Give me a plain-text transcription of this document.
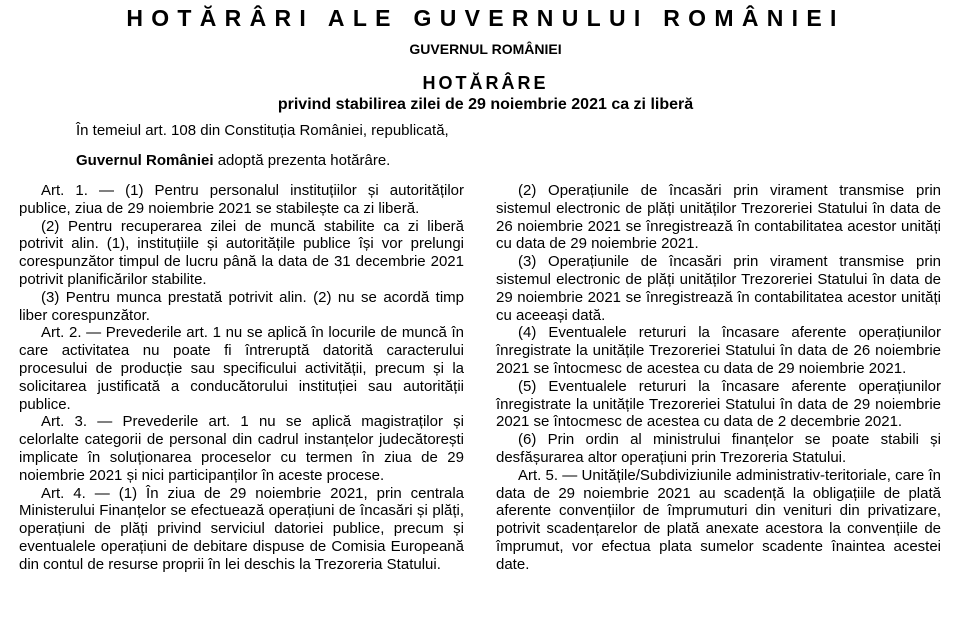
HOTĂRÂRI ALE GUVERNULUI ROMÂNIEI
GUVERNUL ROMÂNIEI
HOTĂRÂRE
privind stabilirea zilei de 29 noiembrie 2021 ca zi liberă
În temeiul art. 108 din Constituția României, republicată,
Guvernul României adoptă prezenta hotărâre.

Art. 1. — (1) Pentru personalul instituțiilor și autorităților publice, ziua de 29 noiembrie 2021 se stabilește ca zi liberă.

(2) Pentru recuperarea zilei de muncă stabilite ca zi liberă potrivit alin. (1), instituțiile și autoritățile publice își vor prelungi corespunzător timpul de lucru până la data de 31 decembrie 2021 potrivit planificărilor stabilite.

(3) Pentru munca prestată potrivit alin. (2) nu se acordă timp liber corespunzător.

Art. 2. — Prevederile art. 1 nu se aplică în locurile de muncă în care activitatea nu poate fi întreruptă datorită caracterului procesului de producție sau specificului activității, precum și la solicitarea justificată a conducătorului instituției sau autorității publice.

Art. 3. — Prevederile art. 1 nu se aplică magistraților și celorlalte categorii de personal din cadrul instanțelor judecătorești implicate în soluționarea proceselor cu termen în ziua de 29 noiembrie 2021 și nici participanților în aceste procese.

Art. 4. — (1) În ziua de 29 noiembrie 2021, prin centrala Ministerului Finanțelor se efectuează operațiuni de încasări și plăți, operațiuni de plăți privind serviciul datoriei publice, precum și eventualele operațiuni de debitare dispuse de Comisia Europeană din contul de resurse proprii în lei deschis la Trezoreria Statului.

(2) Operațiunile de încasări prin virament transmise prin sistemul electronic de plăți unităților Trezoreriei Statului în data de 26 noiembrie 2021 se înregistrează în contabilitatea acestor unități cu data de 29 noiembrie 2021.

(3) Operațiunile de încasări prin virament transmise prin sistemul electronic de plăți unităților Trezoreriei Statului în data de 29 noiembrie 2021 se înregistrează în contabilitatea acestor unități cu aceeași dată.

(4) Eventualele retururi la încasare aferente operațiunilor înregistrate la unitățile Trezoreriei Statului în data de 26 noiembrie 2021 se întocmesc de acestea cu data de 29 noiembrie 2021.

(5) Eventualele retururi la încasare aferente operațiunilor înregistrate la unitățile Trezoreriei Statului în data de 29 noiembrie 2021 se întocmesc de acestea cu data de 2 decembrie 2021.

(6) Prin ordin al ministrului finanțelor se poate stabili și desfășurarea altor operațiuni prin Trezoreria Statului.

Art. 5. — Unitățile/Subdiviziunile administrativ-teritoriale, care în data de 29 noiembrie 2021 au scadență la obligațiile de plată aferente convențiilor de împrumuturi din venituri din privatizare, potrivit scadențarelor de plată anexate acestora la convențiile de împrumut, vor efectua plata sumelor scadente înaintea acestei date.
